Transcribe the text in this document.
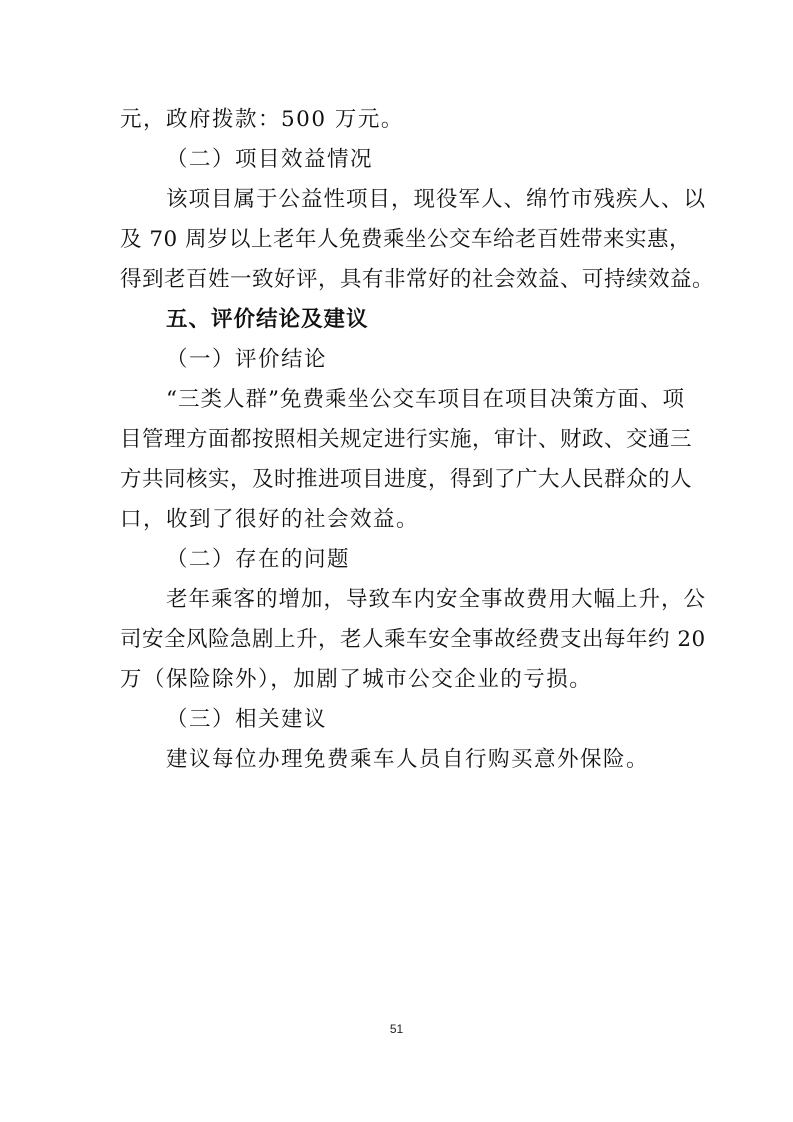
元，政府拨款：500 万元。
（二）项目效益情况
该项目属于公益性项目，现役军人、绵竹市残疾人、以
及 70 周岁以上老年人免费乘坐公交车给老百姓带来实惠，
得到老百姓一致好评，具有非常好的社会效益、可持续效益。
五、评价结论及建议
（一）评价结论
“三类人群”免费乘坐公交车项目在项目决策方面、项
目管理方面都按照相关规定进行实施，审计、财政、交通三
方共同核实，及时推进项目进度，得到了广大人民群众的人
口，收到了很好的社会效益。
（二）存在的问题
老年乘客的增加，导致车内安全事故费用大幅上升，公
司安全风险急剧上升，老人乘车安全事故经费支出每年约 20
万（保险除外），加剧了城市公交企业的亏损。
（三）相关建议
建议每位办理免费乘车人员自行购买意外保险。
51
